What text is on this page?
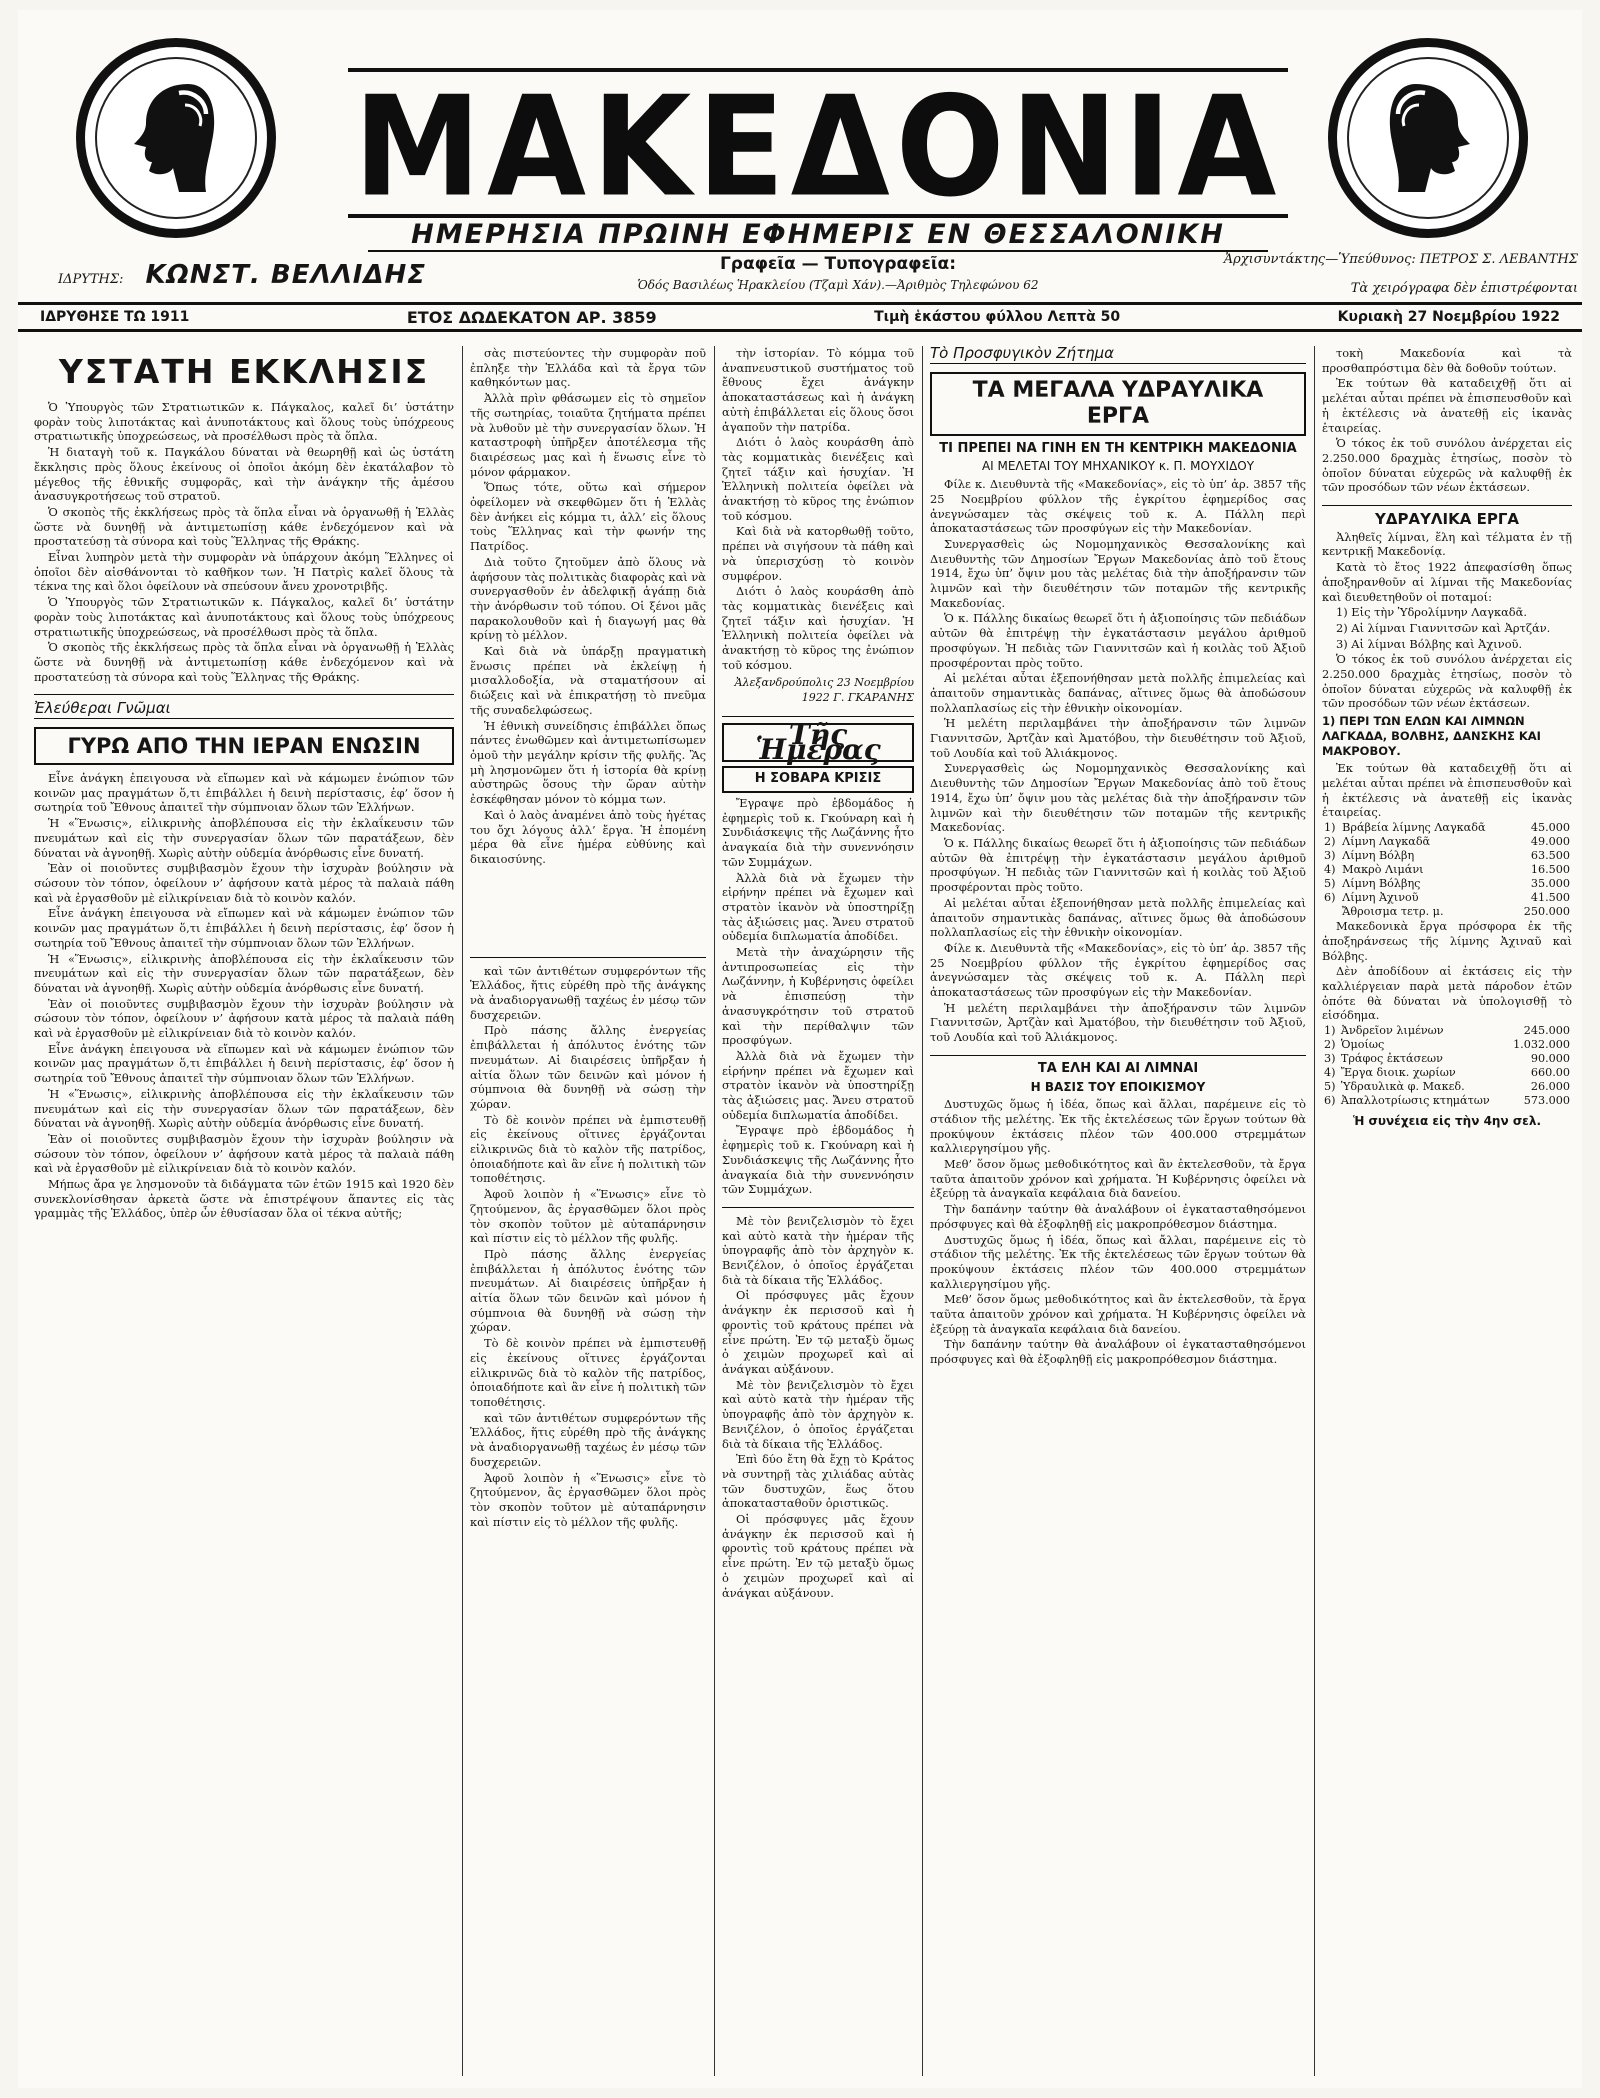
ΜΑΚΕΔΟΝΙΑ
ΗΜΕΡΗΣΙΑ ΠΡΩΙΝΗ ΕΦΗΜΕΡΙΣ ΕΝ ΘΕΣΣΑΛΟΝΙΚΗ
ΙΔΡΥΤΗΣ: ΚΩΝΣΤ. ΒΕΛΛΙΔΗΣ	Γραφεῖα — Τυπογραφεῖα:
Ὁδός Βασιλέως Ἡρακλείου (Τζαμὶ Χάν).—Ἀριθμὸς Τηλεφώνου 62
Ἀρχισυντάκτης—Ὑπεύθυνος: ΠΕΤΡΟΣ Σ. ΛΕΒΑΝΤΗΣ
Τὰ χειρόγραφα δὲν ἐπιστρέφονται
ΙΔΡΥΘΗΣΕ ΤΩ 1911	ΕΤΟΣ ΔΩΔΕΚΑΤΟΝ ΑΡ. 3859	Τιμὴ ἑκάστου φύλλου Λεπτὰ 50	Κυριακὴ 27 Νοεμβρίου 1922
ΥΣΤΑΤΗ ΕΚΚΛΗΣΙΣ

Ὁ Ὑπουργὸς τῶν Στρατιωτικῶν κ. Πάγκαλος, καλεῖ δι’ ὑστάτην φορὰν τοὺς λιποτάκτας καὶ ἀνυποτάκτους καὶ ὅλους τοὺς ὑπόχρεους στρατιωτικῆς ὑποχρεώσεως, νὰ προσέλθωσι πρὸς τὰ ὅπλα.

Ἡ διαταγὴ τοῦ κ. Παγκάλου δύναται νὰ θεωρηθῇ καὶ ὡς ὑστάτη ἔκκλησις πρὸς ὅλους ἐκείνους οἱ ὁποῖοι ἀκόμη δὲν ἐκατάλαβον τὸ μέγεθος τῆς ἐθνικῆς συμφορᾶς, καὶ τὴν ἀνάγκην τῆς ἀμέσου ἀνασυγκροτήσεως τοῦ στρατοῦ.

Ὁ σκοπὸς τῆς ἐκκλήσεως πρὸς τὰ ὅπλα εἶναι νὰ ὀργανωθῇ ἡ Ἑλλὰς ὥστε νὰ δυνηθῇ νὰ ἀντιμετωπίσῃ κάθε ἐνδεχόμενον καὶ νὰ προστατεύσῃ τὰ σύνορα καὶ τοὺς Ἕλληνας τῆς Θράκης.

Εἶναι λυπηρὸν μετὰ τὴν συμφορὰν νὰ ὑπάρχουν ἀκόμη Ἕλληνες οἱ ὁποῖοι δὲν αἰσθάνονται τὸ καθῆκον των. Ἡ Πατρὶς καλεῖ ὅλους τὰ τέκνα της καὶ ὅλοι ὀφείλουν νὰ σπεύσουν ἄνευ χρονοτριβῆς.

Ὁ Ὑπουργὸς τῶν Στρατιωτικῶν κ. Πάγκαλος, καλεῖ δι’ ὑστάτην φορὰν τοὺς λιποτάκτας καὶ ἀνυποτάκτους καὶ ὅλους τοὺς ὑπόχρεους στρατιωτικῆς ὑποχρεώσεως, νὰ προσέλθωσι πρὸς τὰ ὅπλα.

Ὁ σκοπὸς τῆς ἐκκλήσεως πρὸς τὰ ὅπλα εἶναι νὰ ὀργανωθῇ ἡ Ἑλλὰς ὥστε νὰ δυνηθῇ νὰ ἀντιμετωπίσῃ κάθε ἐνδεχόμενον καὶ νὰ προστατεύσῃ τὰ σύνορα καὶ τοὺς Ἕλληνας τῆς Θράκης.

Ἐλεύθεραι Γνῶμαι
ΓΥΡΩ ΑΠΟ ΤΗΝ ΙΕΡΑΝ ΕΝΩΣΙΝ

Εἶνε ἀνάγκη ἐπειγουσα νὰ εἴπωμεν καὶ νὰ κάμωμεν ἐνώπιον τῶν κοινῶν μας πραγμάτων ὅ,τι ἐπιβάλλει ἡ δεινὴ περίστασις, ἐφ’ ὅσον ἡ σωτηρία τοῦ Ἔθνους ἀπαιτεῖ τὴν σύμπνοιαν ὅλων τῶν Ἑλλήνων.

Ἡ «Ἕνωσις», εἰλικρινὴς ἀποβλέπουσα εἰς τὴν ἐκλαΐκευσιν τῶν πνευμάτων καὶ εἰς τὴν συνεργασίαν ὅλων τῶν παρατάξεων, δὲν δύναται νὰ ἀγνοηθῇ. Χωρὶς αὐτὴν οὐδεμία ἀνόρθωσις εἶνε δυνατή.

Ἐὰν οἱ ποιοῦντες συμβιβασμὸν ἔχουν τὴν ἰσχυρὰν βούλησιν νὰ σώσουν τὸν τόπον, ὀφείλουν ν’ ἀφήσουν κατὰ μέρος τὰ παλαιὰ πάθη καὶ νὰ ἐργασθοῦν μὲ εἰλικρίνειαν διὰ τὸ κοινὸν καλόν.

Εἶνε ἀνάγκη ἐπειγουσα νὰ εἴπωμεν καὶ νὰ κάμωμεν ἐνώπιον τῶν κοινῶν μας πραγμάτων ὅ,τι ἐπιβάλλει ἡ δεινὴ περίστασις, ἐφ’ ὅσον ἡ σωτηρία τοῦ Ἔθνους ἀπαιτεῖ τὴν σύμπνοιαν ὅλων τῶν Ἑλλήνων.

Ἡ «Ἕνωσις», εἰλικρινὴς ἀποβλέπουσα εἰς τὴν ἐκλαΐκευσιν τῶν πνευμάτων καὶ εἰς τὴν συνεργασίαν ὅλων τῶν παρατάξεων, δὲν δύναται νὰ ἀγνοηθῇ. Χωρὶς αὐτὴν οὐδεμία ἀνόρθωσις εἶνε δυνατή.

Ἐὰν οἱ ποιοῦντες συμβιβασμὸν ἔχουν τὴν ἰσχυρὰν βούλησιν νὰ σώσουν τὸν τόπον, ὀφείλουν ν’ ἀφήσουν κατὰ μέρος τὰ παλαιὰ πάθη καὶ νὰ ἐργασθοῦν μὲ εἰλικρίνειαν διὰ τὸ κοινὸν καλόν.

Εἶνε ἀνάγκη ἐπειγουσα νὰ εἴπωμεν καὶ νὰ κάμωμεν ἐνώπιον τῶν κοινῶν μας πραγμάτων ὅ,τι ἐπιβάλλει ἡ δεινὴ περίστασις, ἐφ’ ὅσον ἡ σωτηρία τοῦ Ἔθνους ἀπαιτεῖ τὴν σύμπνοιαν ὅλων τῶν Ἑλλήνων.

Ἡ «Ἕνωσις», εἰλικρινὴς ἀποβλέπουσα εἰς τὴν ἐκλαΐκευσιν τῶν πνευμάτων καὶ εἰς τὴν συνεργασίαν ὅλων τῶν παρατάξεων, δὲν δύναται νὰ ἀγνοηθῇ. Χωρὶς αὐτὴν οὐδεμία ἀνόρθωσις εἶνε δυνατή.

Ἐὰν οἱ ποιοῦντες συμβιβασμὸν ἔχουν τὴν ἰσχυρὰν βούλησιν νὰ σώσουν τὸν τόπον, ὀφείλουν ν’ ἀφήσουν κατὰ μέρος τὰ παλαιὰ πάθη καὶ νὰ ἐργασθοῦν μὲ εἰλικρίνειαν διὰ τὸ κοινὸν καλόν.

Μήπως ἄρα γε λησμονοῦν τὰ διδάγματα τῶν ἐτῶν 1915 καὶ 1920 δὲν συνεκλονίσθησαν ἀρκετὰ ὥστε νὰ ἐπιστρέψουν ἅπαντες εἰς τὰς γραμμὰς τῆς Ἑλλάδος, ὑπὲρ ὧν ἐθυσίασαν ὅλα οἱ τέκνα αὐτῆς;

σὰς πιστεύοντες τὴν συμφορὰν ποῦ ἐπληξε τὴν Ἑλλάδα καὶ τὰ ἔργα τῶν καθηκόντων μας.

Ἀλλὰ πρὶν φθάσωμεν εἰς τὸ σημεῖον τῆς σωτηρίας, τοιαῦτα ζητήματα πρέπει νὰ λυθοῦν μὲ τὴν συνεργασίαν ὅλων. Ἡ καταστροφὴ ὑπῆρξεν ἀποτέλεσμα τῆς διαιρέσεως μας καὶ ἡ ἕνωσις εἶνε τὸ μόνον φάρμακον.

Ὅπως τότε, οὕτω καὶ σήμερον ὀφείλομεν νὰ σκεφθῶμεν ὅτι ἡ Ἑλλὰς δὲν ἀνήκει εἰς κόμμα τι, ἀλλ’ εἰς ὅλους τοὺς Ἕλληνας καὶ τὴν φωνήν της Πατρίδος.

Διὰ τοῦτο ζητοῦμεν ἀπὸ ὅλους νὰ ἀφήσουν τὰς πολιτικὰς διαφορὰς καὶ νὰ συνεργασθοῦν ἐν ἀδελφικῇ ἀγάπῃ διὰ τὴν ἀνόρθωσιν τοῦ τόπου. Οἱ ξένοι μᾶς παρακολουθοῦν καὶ ἡ διαγωγή μας θὰ κρίνῃ τὸ μέλλον.

Καὶ διὰ νὰ ὑπάρξῃ πραγματικὴ ἕνωσις πρέπει νὰ ἐκλείψῃ ἡ μισαλλοδοξία, νὰ σταματήσουν αἱ διώξεις καὶ νὰ ἐπικρατήσῃ τὸ πνεῦμα τῆς συναδελφώσεως.

Ἡ ἐθνικὴ συνείδησις ἐπιβάλλει ὅπως πάντες ἐνωθῶμεν καὶ ἀντιμετωπίσωμεν ὁμοῦ τὴν μεγάλην κρίσιν τῆς φυλῆς. Ἂς μὴ λησμονῶμεν ὅτι ἡ ἱστορία θὰ κρίνῃ αὐστηρῶς ὅσους τὴν ὥραν αὐτὴν ἐσκέφθησαν μόνον τὸ κόμμα των.

Καὶ ὁ λαὸς ἀναμένει ἀπὸ τοὺς ἡγέτας του ὄχι λόγους ἀλλ’ ἔργα. Ἡ ἑπομένη μέρα θὰ εἶνε ἡμέρα εὐθύνης καὶ δικαιοσύνης.

καὶ τῶν ἀντιθέτων συμφερόντων τῆς Ἑλλάδος, ἥτις εὑρέθη πρὸ τῆς ἀνάγκης νὰ ἀναδιοργανωθῇ ταχέως ἐν μέσῳ τῶν δυσχερειῶν.

Πρὸ πάσης ἄλλης ἐνεργείας ἐπιβάλλεται ἡ ἀπόλυτος ἑνότης τῶν πνευμάτων. Αἱ διαιρέσεις ὑπῆρξαν ἡ αἰτία ὅλων τῶν δεινῶν καὶ μόνον ἡ σύμπνοια θὰ δυνηθῇ νὰ σώσῃ τὴν χώραν.

Τὸ δὲ κοινὸν πρέπει νὰ ἐμπιστευθῇ εἰς ἐκείνους οἵτινες ἐργάζονται εἰλικρινῶς διὰ τὸ καλὸν τῆς πατρίδος, ὁποιαδήποτε καὶ ἂν εἶνε ἡ πολιτικὴ τῶν τοποθέτησις.

Ἀφοῦ λοιπὸν ἡ «Ἕνωσις» εἶνε τὸ ζητούμενον, ἂς ἐργασθῶμεν ὅλοι πρὸς τὸν σκοπὸν τοῦτον μὲ αὐταπάρνησιν καὶ πίστιν εἰς τὸ μέλλον τῆς φυλῆς.

Πρὸ πάσης ἄλλης ἐνεργείας ἐπιβάλλεται ἡ ἀπόλυτος ἑνότης τῶν πνευμάτων. Αἱ διαιρέσεις ὑπῆρξαν ἡ αἰτία ὅλων τῶν δεινῶν καὶ μόνον ἡ σύμπνοια θὰ δυνηθῇ νὰ σώσῃ τὴν χώραν.

Τὸ δὲ κοινὸν πρέπει νὰ ἐμπιστευθῇ εἰς ἐκείνους οἵτινες ἐργάζονται εἰλικρινῶς διὰ τὸ καλὸν τῆς πατρίδος, ὁποιαδήποτε καὶ ἂν εἶνε ἡ πολιτικὴ τῶν τοποθέτησις.

καὶ τῶν ἀντιθέτων συμφερόντων τῆς Ἑλλάδος, ἥτις εὑρέθη πρὸ τῆς ἀνάγκης νὰ ἀναδιοργανωθῇ ταχέως ἐν μέσῳ τῶν δυσχερειῶν.

Ἀφοῦ λοιπὸν ἡ «Ἕνωσις» εἶνε τὸ ζητούμενον, ἂς ἐργασθῶμεν ὅλοι πρὸς τὸν σκοπὸν τοῦτον μὲ αὐταπάρνησιν καὶ πίστιν εἰς τὸ μέλλον τῆς φυλῆς.

τὴν ἱστορίαν. Τὸ κόμμα τοῦ ἀναπνευστικοῦ συστήματος τοῦ ἔθνους ἔχει ἀνάγκην ἀποκαταστάσεως καὶ ἡ ἀνάγκη αὐτὴ ἐπιβάλλεται εἰς ὅλους ὅσοι ἀγαποῦν τὴν πατρίδα.

Διότι ὁ λαὸς κουράσθη ἀπὸ τὰς κομματικὰς διενέξεις καὶ ζητεῖ τάξιν καὶ ἡσυχίαν. Ἡ Ἑλληνικὴ πολιτεία ὀφείλει νὰ ἀνακτήσῃ τὸ κῦρος της ἐνώπιον τοῦ κόσμου.

Καὶ διὰ νὰ κατορθωθῇ τοῦτο, πρέπει νὰ σιγήσουν τὰ πάθη καὶ νὰ ὑπερισχύσῃ τὸ κοινὸν συμφέρον.

Διότι ὁ λαὸς κουράσθη ἀπὸ τὰς κομματικὰς διενέξεις καὶ ζητεῖ τάξιν καὶ ἡσυχίαν. Ἡ Ἑλληνικὴ πολιτεία ὀφείλει νὰ ἀνακτήσῃ τὸ κῦρος της ἐνώπιον τοῦ κόσμου.

Ἀλεξανδρούπολις 23 Νοεμβρίου 1922 Γ. ΓΚΑΡΑΝΗΣ
Τῆς Ἡμέρας
Η ΣΟΒΑΡΑ ΚΡΙΣΙΣ

Ἔγραψε πρὸ ἑβδομάδος ἡ ἐφημερὶς τοῦ κ. Γκούναρη καὶ ἡ Συνδιάσκεψις τῆς Λωζάννης ἦτο ἀναγκαία διὰ τὴν συνεννόησιν τῶν Συμμάχων.

Ἀλλὰ διὰ νὰ ἔχωμεν τὴν εἰρήνην πρέπει νὰ ἔχωμεν καὶ στρατὸν ἱκανὸν νὰ ὑποστηρίξῃ τὰς ἀξιώσεις μας. Ἄνευ στρατοῦ οὐδεμία διπλωματία ἀποδίδει.

Μετὰ τὴν ἀναχώρησιν τῆς ἀντιπροσωπείας εἰς τὴν Λωζάννην, ἡ Κυβέρνησις ὀφείλει νὰ ἐπισπεύσῃ τὴν ἀνασυγκρότησιν τοῦ στρατοῦ καὶ τὴν περίθαλψιν τῶν προσφύγων.

Ἀλλὰ διὰ νὰ ἔχωμεν τὴν εἰρήνην πρέπει νὰ ἔχωμεν καὶ στρατὸν ἱκανὸν νὰ ὑποστηρίξῃ τὰς ἀξιώσεις μας. Ἄνευ στρατοῦ οὐδεμία διπλωματία ἀποδίδει.

Ἔγραψε πρὸ ἑβδομάδος ἡ ἐφημερὶς τοῦ κ. Γκούναρη καὶ ἡ Συνδιάσκεψις τῆς Λωζάννης ἦτο ἀναγκαία διὰ τὴν συνεννόησιν τῶν Συμμάχων.

Μὲ τὸν βενιζελισμὸν τὸ ἔχει καὶ αὐτὸ κατὰ τὴν ἡμέραν τῆς ὑπογραφῆς ἀπὸ τὸν ἀρχηγὸν κ. Βενιζέλον, ὁ ὁποῖος ἐργάζεται διὰ τὰ δίκαια τῆς Ἑλλάδος.

Οἱ πρόσφυγες μᾶς ἔχουν ἀνάγκην ἐκ περισσοῦ καὶ ἡ φροντὶς τοῦ κράτους πρέπει νὰ εἶνε πρώτη. Ἐν τῷ μεταξὺ ὅμως ὁ χειμὼν προχωρεῖ καὶ αἱ ἀνάγκαι αὐξάνουν.

Μὲ τὸν βενιζελισμὸν τὸ ἔχει καὶ αὐτὸ κατὰ τὴν ἡμέραν τῆς ὑπογραφῆς ἀπὸ τὸν ἀρχηγὸν κ. Βενιζέλον, ὁ ὁποῖος ἐργάζεται διὰ τὰ δίκαια τῆς Ἑλλάδος.

Ἐπὶ δύο ἔτη θὰ ἔχῃ τὸ Κράτος νὰ συντηρῇ τὰς χιλιάδας αὐτὰς τῶν δυστυχῶν, ἕως ὅτου ἀποκατασταθοῦν ὁριστικῶς.

Οἱ πρόσφυγες μᾶς ἔχουν ἀνάγκην ἐκ περισσοῦ καὶ ἡ φροντὶς τοῦ κράτους πρέπει νὰ εἶνε πρώτη. Ἐν τῷ μεταξὺ ὅμως ὁ χειμὼν προχωρεῖ καὶ αἱ ἀνάγκαι αὐξάνουν.

Τὸ Προσφυγικὸν Ζήτημα
ΤΑ ΜΕΓΑΛΑ ΥΔΡΑΥΛΙΚΑ ΕΡΓΑ
ΤΙ ΠΡΕΠΕΙ ΝΑ ΓΙΝΗ ΕΝ ΤΗ ΚΕΝΤΡΙΚΗ ΜΑΚΕΔΟΝΙΑ
ΑΙ ΜΕΛΕΤΑΙ ΤΟΥ ΜΗΧΑΝΙΚΟΥ κ. Π. ΜΟΥΧΙΔΟΥ

Φίλε κ. Διευθυντὰ τῆς «Μακεδονίας», εἰς τὸ ὑπ’ ἀρ. 3857 τῆς 25 Νοεμβρίου φύλλον τῆς ἐγκρίτου ἐφημερίδος σας ἀνεγνώσαμεν τὰς σκέψεις τοῦ κ. Α. Πάλλη περὶ ἀποκαταστάσεως τῶν προσφύγων εἰς τὴν Μακεδονίαν.

Συνεργασθεὶς ὡς Νομομηχανικὸς Θεσσαλονίκης καὶ Διευθυντὴς τῶν Δημοσίων Ἔργων Μακεδονίας ἀπὸ τοῦ ἔτους 1914, ἔχω ὑπ’ ὄψιν μου τὰς μελέτας διὰ τὴν ἀποξήρανσιν τῶν λιμνῶν καὶ τὴν διευθέτησιν τῶν ποταμῶν τῆς κεντρικῆς Μακεδονίας.

Ὁ κ. Πάλλης δικαίως θεωρεῖ ὅτι ἡ ἀξιοποίησις τῶν πεδιάδων αὐτῶν θὰ ἐπιτρέψῃ τὴν ἐγκατάστασιν μεγάλου ἀριθμοῦ προσφύγων. Ἡ πεδιὰς τῶν Γιαννιτσῶν καὶ ἡ κοιλὰς τοῦ Ἀξιοῦ προσφέρονται πρὸς τοῦτο.

Αἱ μελέται αὗται ἐξεπονήθησαν μετὰ πολλῆς ἐπιμελείας καὶ ἀπαιτοῦν σημαντικὰς δαπάνας, αἵτινες ὅμως θὰ ἀποδώσουν πολλαπλασίως εἰς τὴν ἐθνικὴν οἰκονομίαν.

Ἡ μελέτη περιλαμβάνει τὴν ἀποξήρανσιν τῶν λιμνῶν Γιαννιτσῶν, Ἀρτζὰν καὶ Ἀματόβου, τὴν διευθέτησιν τοῦ Ἀξιοῦ, τοῦ Λουδία καὶ τοῦ Ἁλιάκμονος.

Συνεργασθεὶς ὡς Νομομηχανικὸς Θεσσαλονίκης καὶ Διευθυντὴς τῶν Δημοσίων Ἔργων Μακεδονίας ἀπὸ τοῦ ἔτους 1914, ἔχω ὑπ’ ὄψιν μου τὰς μελέτας διὰ τὴν ἀποξήρανσιν τῶν λιμνῶν καὶ τὴν διευθέτησιν τῶν ποταμῶν τῆς κεντρικῆς Μακεδονίας.

Ὁ κ. Πάλλης δικαίως θεωρεῖ ὅτι ἡ ἀξιοποίησις τῶν πεδιάδων αὐτῶν θὰ ἐπιτρέψῃ τὴν ἐγκατάστασιν μεγάλου ἀριθμοῦ προσφύγων. Ἡ πεδιὰς τῶν Γιαννιτσῶν καὶ ἡ κοιλὰς τοῦ Ἀξιοῦ προσφέρονται πρὸς τοῦτο.

Αἱ μελέται αὗται ἐξεπονήθησαν μετὰ πολλῆς ἐπιμελείας καὶ ἀπαιτοῦν σημαντικὰς δαπάνας, αἵτινες ὅμως θὰ ἀποδώσουν πολλαπλασίως εἰς τὴν ἐθνικὴν οἰκονομίαν.

Φίλε κ. Διευθυντὰ τῆς «Μακεδονίας», εἰς τὸ ὑπ’ ἀρ. 3857 τῆς 25 Νοεμβρίου φύλλον τῆς ἐγκρίτου ἐφημερίδος σας ἀνεγνώσαμεν τὰς σκέψεις τοῦ κ. Α. Πάλλη περὶ ἀποκαταστάσεως τῶν προσφύγων εἰς τὴν Μακεδονίαν.

Ἡ μελέτη περιλαμβάνει τὴν ἀποξήρανσιν τῶν λιμνῶν Γιαννιτσῶν, Ἀρτζὰν καὶ Ἀματόβου, τὴν διευθέτησιν τοῦ Ἀξιοῦ, τοῦ Λουδία καὶ τοῦ Ἁλιάκμονος.

ΤΑ ΕΛΗ ΚΑΙ ΑΙ ΛΙΜΝΑΙ
Η ΒΑΣΙΣ ΤΟΥ ΕΠΟΙΚΙΣΜΟΥ

Δυστυχῶς ὅμως ἡ ἰδέα, ὅπως καὶ ἄλλαι, παρέμεινε εἰς τὸ στάδιον τῆς μελέτης. Ἐκ τῆς ἐκτελέσεως τῶν ἔργων τούτων θὰ προκύψουν ἐκτάσεις πλέον τῶν 400.000 στρεμμάτων καλλιεργησίμου γῆς.

Μεθ’ ὅσον ὅμως μεθοδικότητος καὶ ἂν ἐκτελεσθοῦν, τὰ ἔργα ταῦτα ἀπαιτοῦν χρόνον καὶ χρήματα. Ἡ Κυβέρνησις ὀφείλει νὰ ἐξεύρῃ τὰ ἀναγκαῖα κεφάλαια διὰ δανείου.

Τὴν δαπάνην ταύτην θὰ ἀναλάβουν οἱ ἐγκατασταθησόμενοι πρόσφυγες καὶ θὰ ἐξοφληθῇ εἰς μακροπρόθεσμον διάστημα.

Δυστυχῶς ὅμως ἡ ἰδέα, ὅπως καὶ ἄλλαι, παρέμεινε εἰς τὸ στάδιον τῆς μελέτης. Ἐκ τῆς ἐκτελέσεως τῶν ἔργων τούτων θὰ προκύψουν ἐκτάσεις πλέον τῶν 400.000 στρεμμάτων καλλιεργησίμου γῆς.

Μεθ’ ὅσον ὅμως μεθοδικότητος καὶ ἂν ἐκτελεσθοῦν, τὰ ἔργα ταῦτα ἀπαιτοῦν χρόνον καὶ χρήματα. Ἡ Κυβέρνησις ὀφείλει νὰ ἐξεύρῃ τὰ ἀναγκαῖα κεφάλαια διὰ δανείου.

Τὴν δαπάνην ταύτην θὰ ἀναλάβουν οἱ ἐγκατασταθησόμενοι πρόσφυγες καὶ θὰ ἐξοφληθῇ εἰς μακροπρόθεσμον διάστημα.

τοκὴ Μακεδονία καὶ τὰ προσθαπρόστιμα δὲν θὰ δοθοῦν τούτων.

Ἐκ τούτων θὰ καταδειχθῇ ὅτι αἱ μελέται αὗται πρέπει νὰ ἐπισπευσθοῦν καὶ ἡ ἐκτέλεσις νὰ ἀνατεθῇ εἰς ἱκανὰς ἑταιρείας.

Ὁ τόκος ἐκ τοῦ συνόλου ἀνέρχεται εἰς 2.250.000 δραχμὰς ἐτησίως, ποσὸν τὸ ὁποῖον δύναται εὐχερῶς νὰ καλυφθῇ ἐκ τῶν προσόδων τῶν νέων ἐκτάσεων.

ΥΔΡΑΥΛΙΚΑ ΕΡΓΑ

Ἀληθεῖς λίμναι, ἕλη καὶ τέλματα ἐν τῇ κεντρικῇ Μακεδονίᾳ.

Κατὰ τὸ ἔτος 1922 ἀπεφασίσθη ὅπως ἀποξηρανθοῦν αἱ λίμναι τῆς Μακεδονίας καὶ διευθετηθοῦν οἱ ποταμοί:

1) Εἰς τὴν Ὑδρολίμνην Λαγκαδᾶ.

2) Αἱ λίμναι Γιαννιτσῶν καὶ Ἀρτζάν.

3) Αἱ λίμναι Βόλβης καὶ Ἀχινοῦ.

Ὁ τόκος ἐκ τοῦ συνόλου ἀνέρχεται εἰς 2.250.000 δραχμὰς ἐτησίως, ποσὸν τὸ ὁποῖον δύναται εὐχερῶς νὰ καλυφθῇ ἐκ τῶν προσόδων τῶν νέων ἐκτάσεων.

1) ΠΕΡΙ ΤΩΝ ΕΛΩΝ ΚΑΙ ΛΙΜΝΩΝ ΛΑΓΚΑΔΑ, ΒΟΛΒΗΣ, ΔΑΝΣΚΗΣ ΚΑΙ ΜΑΚΡΟΒΟΥ.

Ἐκ τούτων θὰ καταδειχθῇ ὅτι αἱ μελέται αὗται πρέπει νὰ ἐπισπευσθοῦν καὶ ἡ ἐκτέλεσις νὰ ἀνατεθῇ εἰς ἱκανὰς ἑταιρείας.

1)	Βράβεία λίμνης Λαγκαδᾶ	45.000
2)	Λίμνη Λαγκαδᾶ	49.000
3)	Λίμνη Βόλβη	63.500
4)	Μακρὸ Λιμάνι	16.500
5)	Λίμνη Βόλβης	35.000
6)	Λίμνη Ἀχινοῦ	41.500
	Ἄθροισμα τετρ. μ.	250.000

Μακεδονικὰ ἔργα πρόσφορα ἐκ τῆς ἀποξηράνσεως τῆς λίμνης Ἀχιναῦ καὶ Βόλβης.

Δὲν ἀποδίδουν αἱ ἐκτάσεις εἰς τὴν καλλιέργειαν παρὰ μετὰ πάροδον ἐτῶν ὁπότε θὰ δύναται νὰ ὑπολογισθῇ τὸ εἰσόδημα.

1)	Ἀνδρεῖον λιμένων	245.000
2)	Ὁμοίως	1.032.000
3)	Τράφος ἐκτάσεων	90.000
4)	Ἔργα διοικ. χωρίων	660.00
5)	Ὑδραυλικὰ φ. Μακεδ.	26.000
6)	Ἀπαλλοτρίωσις κτημάτων	573.000
Ἡ συνέχεια εἰς τὴν 4ην σελ.
